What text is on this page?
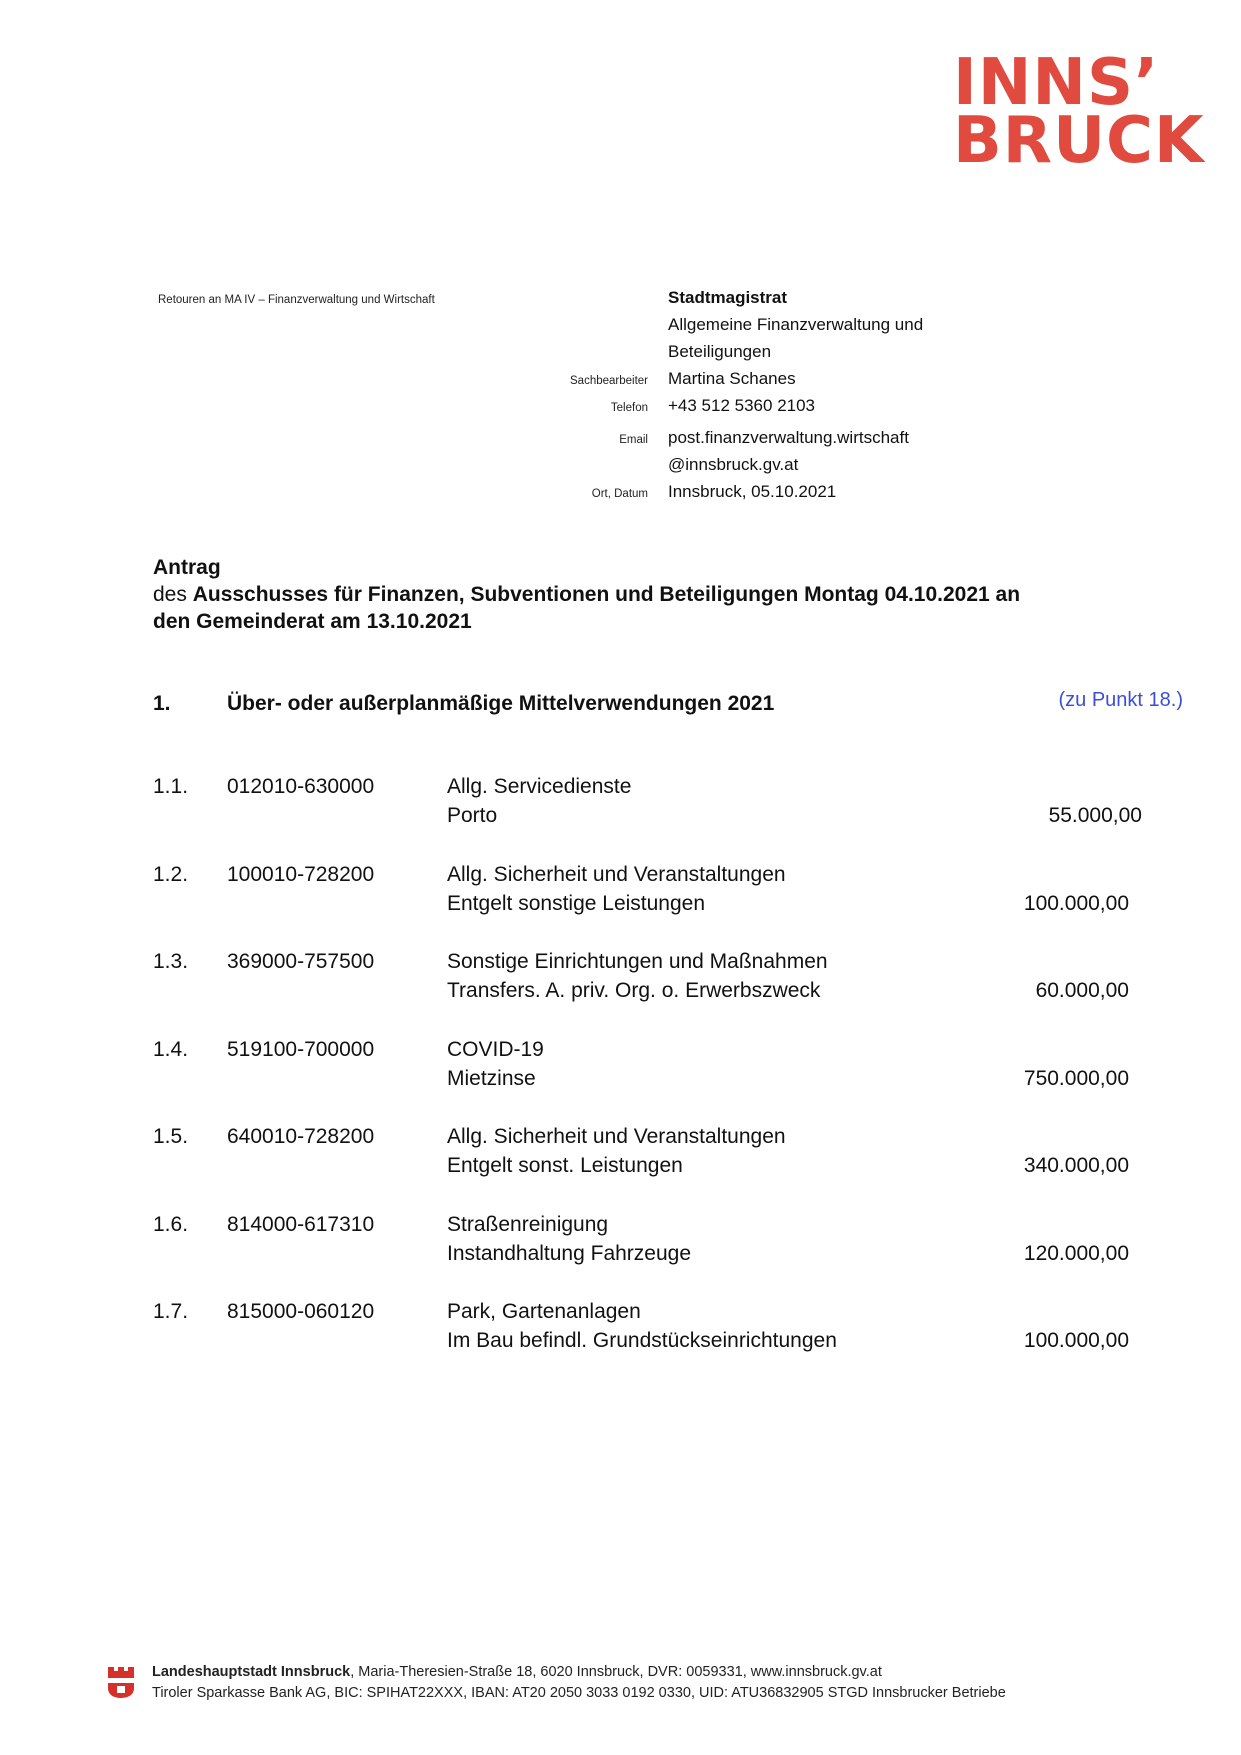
INNS’
BRUCK
Retouren an MA IV – Finanzverwaltung und Wirtschaft	Stadtmagistrat
Allgemeine Finanzverwaltung und
Beteiligungen
Sachbearbeiter	Martina Schanes
Telefon	+43 512 5360 2103
Email	post.finanzverwaltung.wirtschaft
@innsbruck.gv.at
Ort, Datum	Innsbruck, 05.10.2021
Antrag
des Ausschusses für Finanzen, Subventionen und Beteiligungen Montag 04.10.2021 an
den Gemeinderat am 13.10.2021
1.	Über- oder außerplanmäßige Mittelverwendungen 2021	(zu Punkt 18.)
1.1. 012010-630000	Allg. Servicedienste
Porto	55.000,00
1.2. 100010-728200	Allg. Sicherheit und Veranstaltungen
Entgelt sonstige Leistungen	100.000,00
1.3. 369000-757500	Sonstige Einrichtungen und Maßnahmen
Transfers. A. priv. Org. o. Erwerbszweck	60.000,00
1.4. 519100-700000	COVID-19
Mietzinse	750.000,00
1.5. 640010-728200	Allg. Sicherheit und Veranstaltungen
Entgelt sonst. Leistungen	340.000,00
1.6. 814000-617310	Straßenreinigung
Instandhaltung Fahrzeuge	120.000,00
1.7. 815000-060120	Park, Gartenanlagen
Im Bau befindl. Grundstückseinrichtungen	100.000,00
Landeshauptstadt Innsbruck, Maria-Theresien-Straße 18, 6020 Innsbruck, DVR: 0059331, www.innsbruck.gv.at
Tiroler Sparkasse Bank AG, BIC: SPIHAT22XXX, IBAN: AT20 2050 3033 0192 0330, UID: ATU36832905 STGD Innsbrucker Betriebe
